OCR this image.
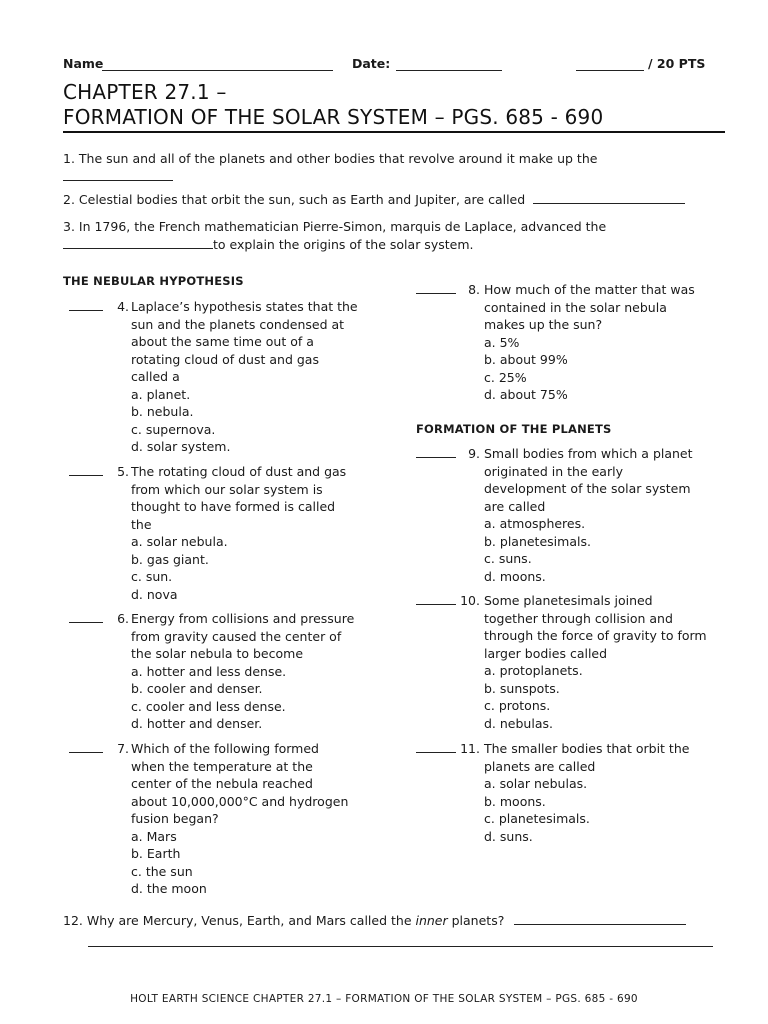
Name	Date:	/ 20 PTS
CHAPTER 27.1 –
FORMATION OF THE SOLAR SYSTEM – PGS. 685 - 690
1. The sun and all of the planets and other bodies that revolve around it make up the
2. Celestial bodies that orbit the sun, such as Earth and Jupiter, are called
3. In 1796, the French mathematician Pierre-Simon, marquis de Laplace, advanced the
to explain the origins of the solar system.
THE NEBULAR HYPOTHESIS
4. Laplace’s hypothesis states that the
sun and the planets condensed at
about the same time out of a
rotating cloud of dust and gas
called a
a. planet.
b. nebula.
c. supernova.
d. solar system.
5. The rotating cloud of dust and gas
from which our solar system is
thought to have formed is called
the
a. solar nebula.
b. gas giant.
c. sun.
d. nova
6. Energy from collisions and pressure
from gravity caused the center of
the solar nebula to become
a. hotter and less dense.
b. cooler and denser.
c. cooler and less dense.
d. hotter and denser.
7. Which of the following formed
when the temperature at the
center of the nebula reached
about 10,000,000°C and hydrogen
fusion began?
a. Mars
b. Earth
c. the sun
d. the moon
8. How much of the matter that was
contained in the solar nebula
makes up the sun?
a. 5%
b. about 99%
c. 25%
d. about 75%
FORMATION OF THE PLANETS
9. Small bodies from which a planet
originated in the early
development of the solar system
are called
a. atmospheres.
b. planetesimals.
c. suns.
d. moons.
10. Some planetesimals joined
together through collision and
through the force of gravity to form
larger bodies called
a. protoplanets.
b. sunspots.
c. protons.
d. nebulas.
11. The smaller bodies that orbit the
planets are called
a. solar nebulas.
b. moons.
c. planetesimals.
d. suns.
12. Why are Mercury, Venus, Earth, and Mars called the inner planets?
HOLT EARTH SCIENCE CHAPTER 27.1 – FORMATION OF THE SOLAR SYSTEM – PGS. 685 - 690
